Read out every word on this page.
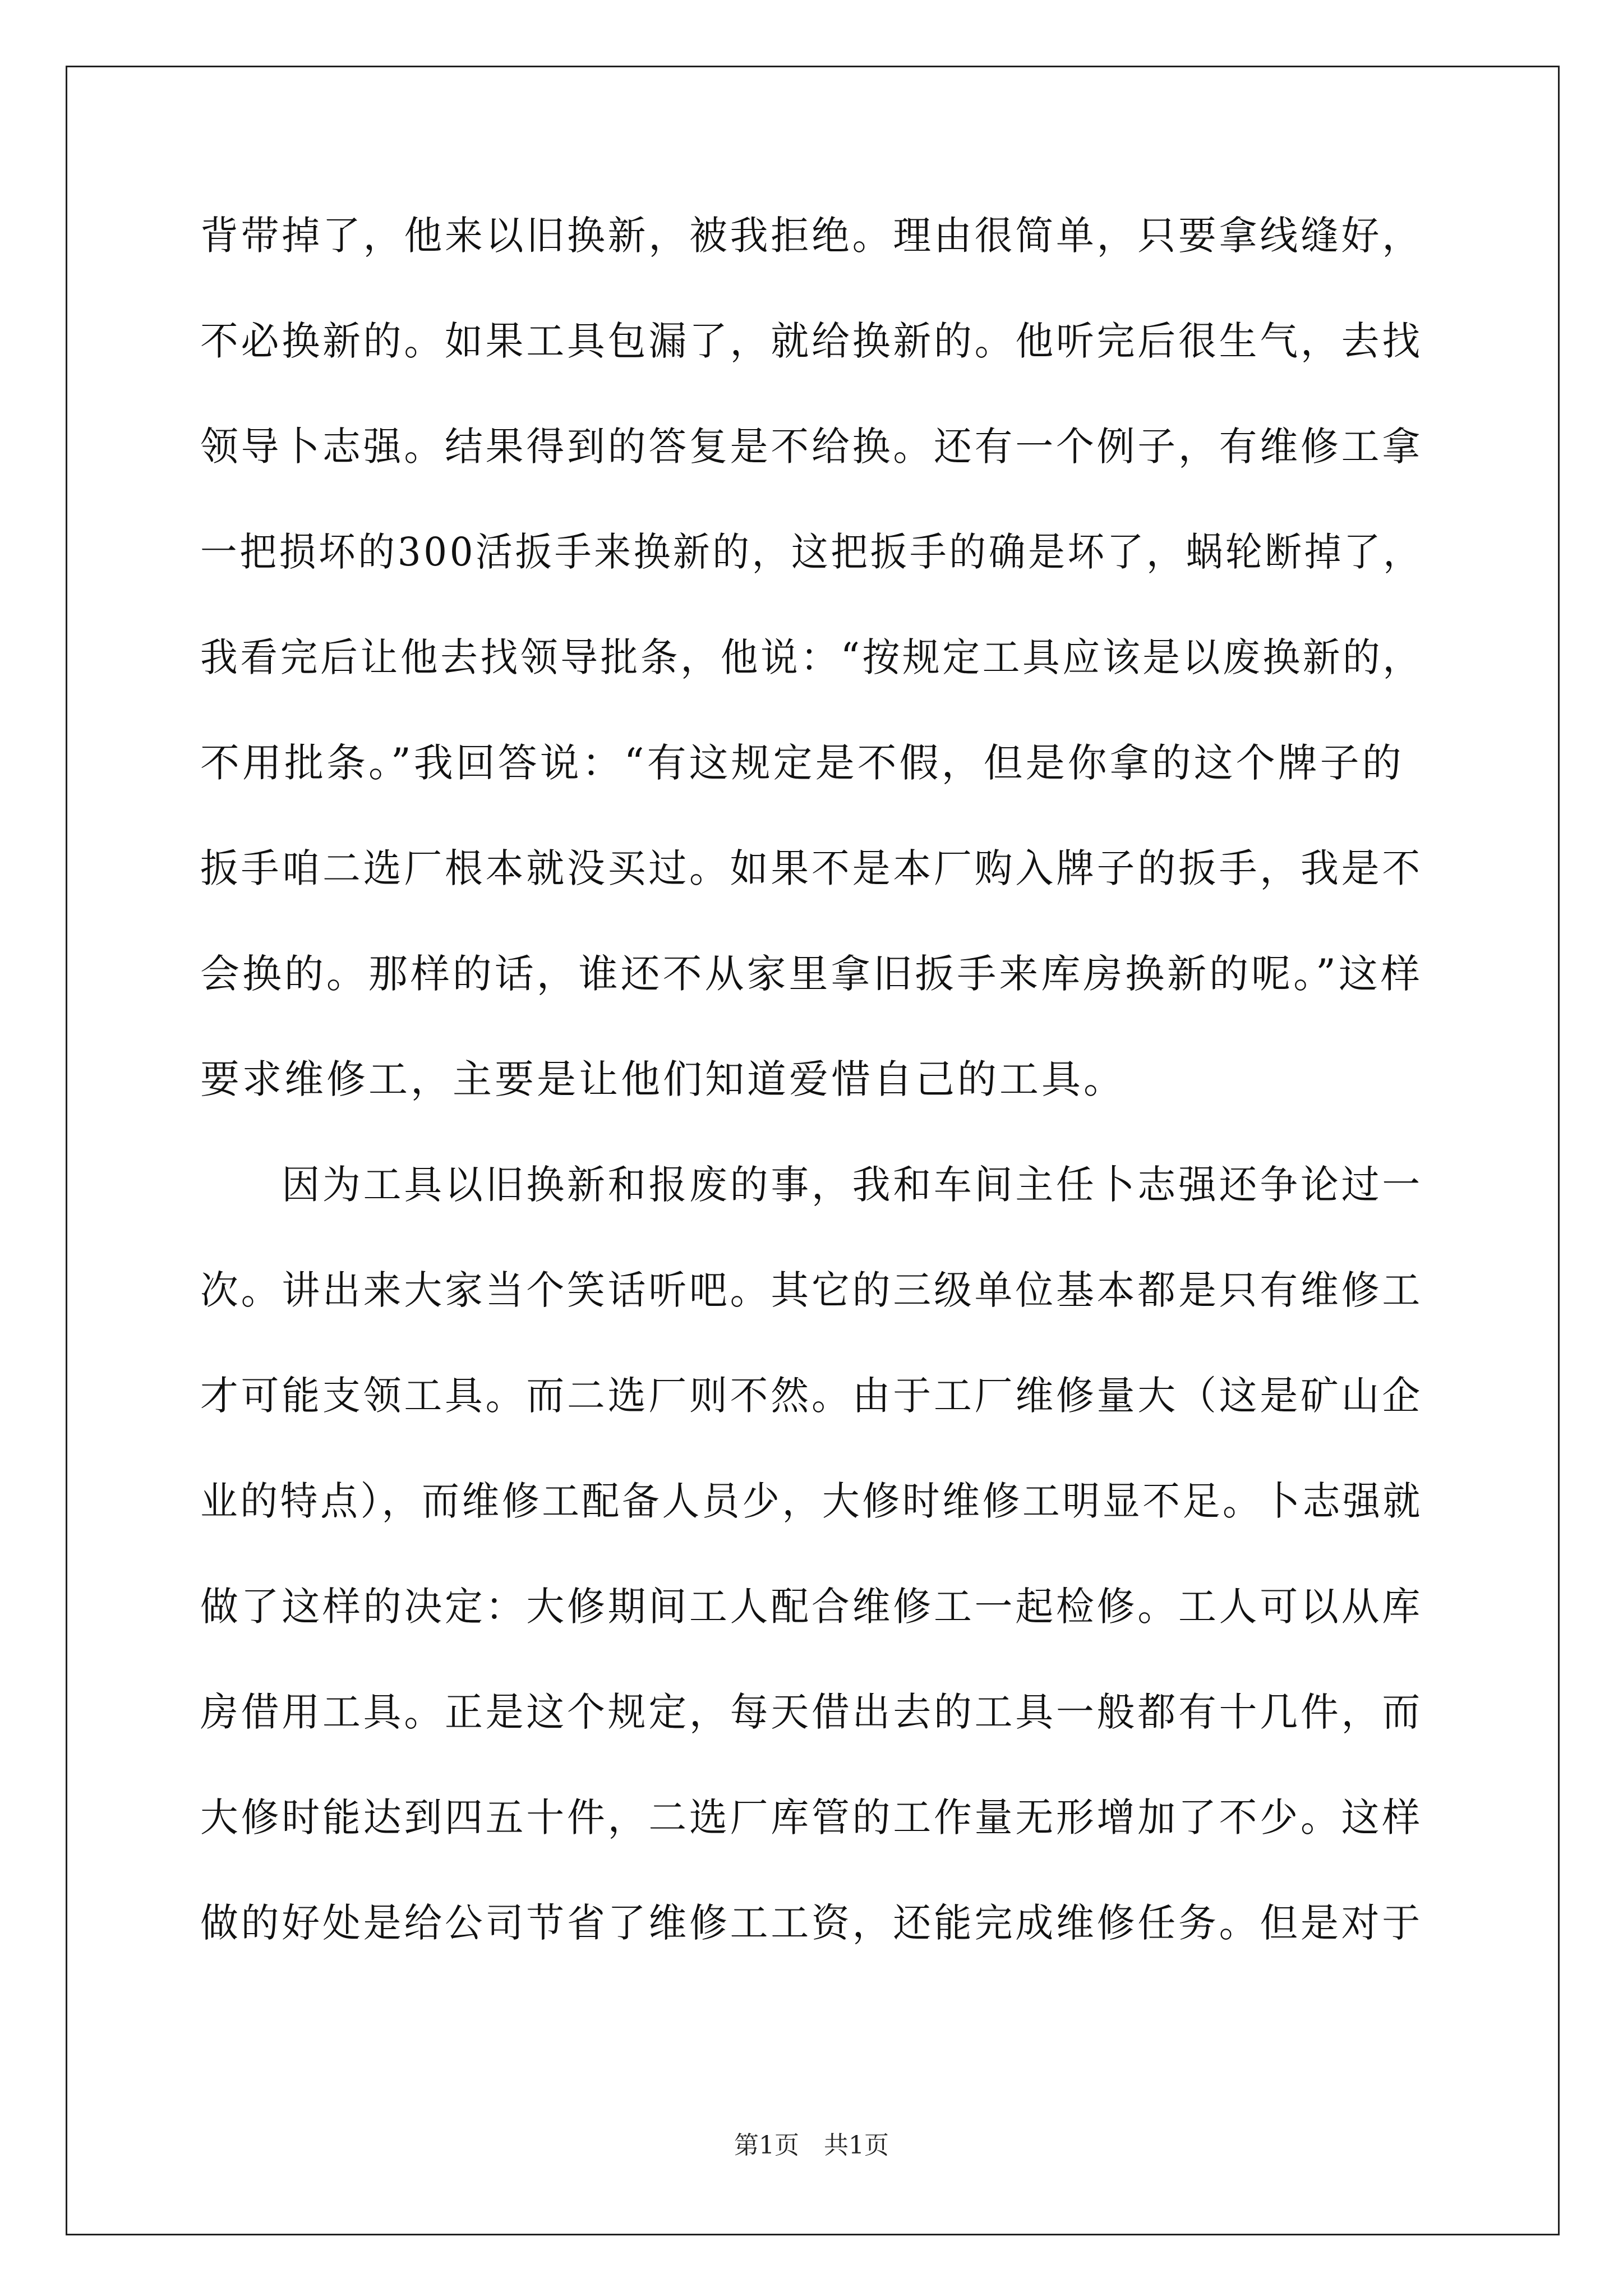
背带掉了，他来以旧换新，被我拒绝。理由很简单，只要拿线缝好，
不必换新的。如果工具包漏了，就给换新的。他听完后很生气，去找
领导卜志强。结果得到的答复是不给换。还有一个例子，有维修工拿
一把损坏的300活扳手来换新的，这把扳手的确是坏了，蜗轮断掉了，
我看完后让他去找领导批条，他说：“按规定工具应该是以废换新的，
不用批条。”我回答说：“有这规定是不假，但是你拿的这个牌子的
扳手咱二选厂根本就没买过。如果不是本厂购入牌子的扳手，我是不
会换的。那样的话，谁还不从家里拿旧扳手来库房换新的呢。”这样
要求维修工，主要是让他们知道爱惜自己的工具。
　　因为工具以旧换新和报废的事，我和车间主任卜志强还争论过一
次。讲出来大家当个笑话听吧。其它的三级单位基本都是只有维修工
才可能支领工具。而二选厂则不然。由于工厂维修量大（这是矿山企
业的特点），而维修工配备人员少，大修时维修工明显不足。卜志强就
做了这样的决定：大修期间工人配合维修工一起检修。工人可以从库
房借用工具。正是这个规定，每天借出去的工具一般都有十几件，而
大修时能达到四五十件，二选厂库管的工作量无形增加了不少。这样
做的好处是给公司节省了维修工工资，还能完成维修任务。但是对于
第1页　共1页
